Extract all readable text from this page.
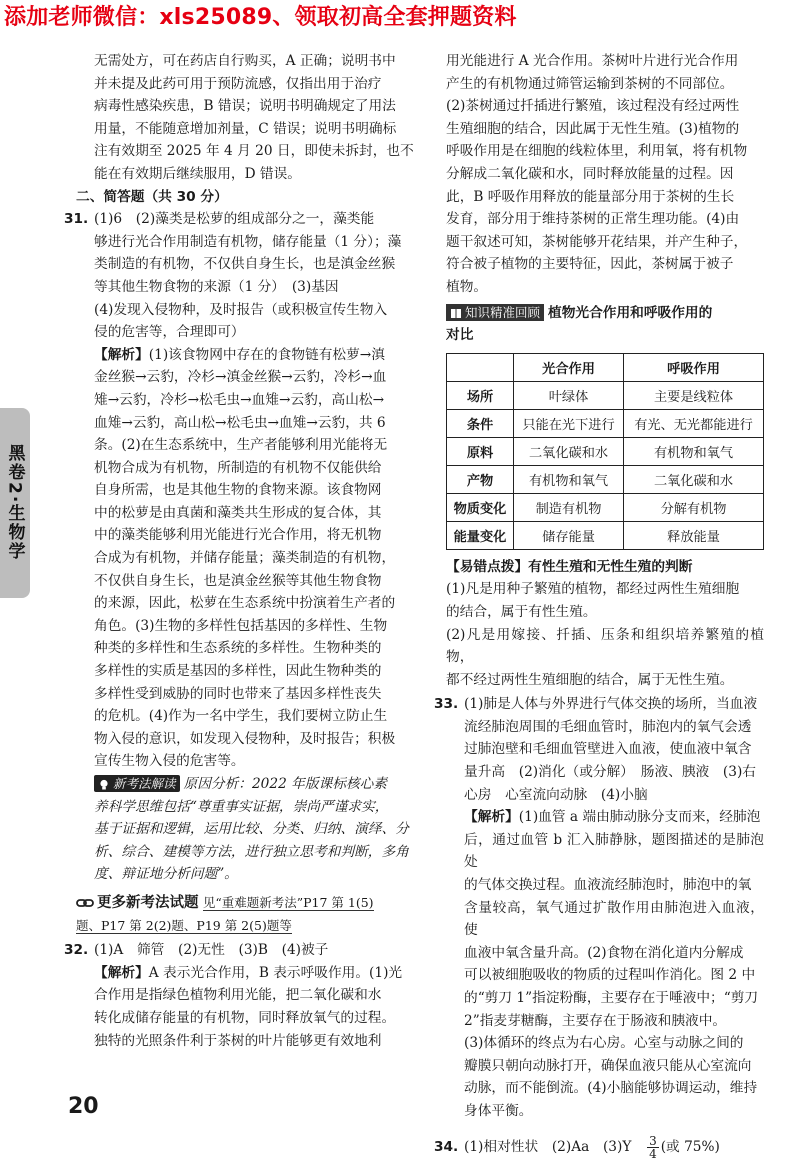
添加老师微信：xls25089、领取初高全套押题资料
黑卷2·生物学

无需处方，可在药店自行购买，A 正确；说明书中

并未提及此药可用于预防流感，仅指出用于治疗

病毒性感染疾患，B 错误；说明书明确规定了用法

用量，不能随意增加剂量，C 错误；说明书明确标

注有效期至 2025 年 4 月 20 日，即使未拆封，也不

能在有效期后继续服用，D 错误。

二、简答题（共 30 分）

31. (1)6　(2)藻类是松萝的组成部分之一，藻类能

够进行光合作用制造有机物，储存能量（1 分）；藻

类制造的有机物，不仅供自身生长，也是滇金丝猴

等其他生物食物的来源（1 分）　(3)基因

(4)发现入侵物种，及时报告（或积极宣传生物入

侵的危害等，合理即可）

【解析】(1)该食物网中存在的食物链有松萝→滇

金丝猴→云豹，冷杉→滇金丝猴→云豹，冷杉→血

雉→云豹，冷杉→松毛虫→血雉→云豹，高山松→

血雉→云豹，高山松→松毛虫→血雉→云豹，共 6

条。(2)在生态系统中，生产者能够利用光能将无

机物合成为有机物，所制造的有机物不仅能供给

自身所需，也是其他生物的食物来源。该食物网

中的松萝是由真菌和藻类共生形成的复合体，其

中的藻类能够利用光能进行光合作用，将无机物

合成为有机物，并储存能量；藻类制造的有机物，

不仅供自身生长，也是滇金丝猴等其他生物食物

的来源，因此，松萝在生态系统中扮演着生产者的

角色。(3)生物的多样性包括基因的多样性、生物

种类的多样性和生态系统的多样性。生物种类的

多样性的实质是基因的多样性，因此生物种类的

多样性受到威胁的同时也带来了基因多样性丧失

的危机。(4)作为一名中学生，我们要树立防止生

物入侵的意识，如发现入侵物种，及时报告；积极

宣传生物入侵的危害等。

新考法解读 原因分析：2022 年版课标核心素

养科学思维包括“尊重事实证据，崇尚严谨求实，

基于证据和逻辑，运用比较、分类、归纳、演绎、分

析、综合、建模等方法，进行独立思考和判断，多角

度、辩证地分析问题”。

更多新考法试题 见“重难题新考法”P17 第 1(5)

题、P17 第 2(2)题、P19 第 2(5)题等

32. (1)A　筛管　(2)无性　(3)B　(4)被子

【解析】A 表示光合作用，B 表示呼吸作用。(1)光

合作用是指绿色植物利用光能，把二氧化碳和水

转化成储存能量的有机物，同时释放氧气的过程。

独特的光照条件利于茶树的叶片能够更有效地利

用光能进行 A 光合作用。茶树叶片进行光合作用

产生的有机物通过筛管运输到茶树的不同部位。

(2)茶树通过扦插进行繁殖，该过程没有经过两性

生殖细胞的结合，因此属于无性生殖。(3)植物的

呼吸作用是在细胞的线粒体里，利用氧，将有机物

分解成二氧化碳和水，同时释放能量的过程。因

此，B 呼吸作用释放的能量部分用于茶树的生长

发育，部分用于维持茶树的正常生理功能。(4)由

题干叙述可知，茶树能够开花结果，并产生种子，

符合被子植物的主要特征，因此，茶树属于被子

植物。

知识精准回顾 植物光合作用和呼吸作用的

对比

	光合作用	呼吸作用
场所	叶绿体	主要是线粒体
条件	只能在光下进行	有光、无光都能进行
原料	二氧化碳和水	有机物和氧气
产物	有机物和氧气	二氧化碳和水
物质变化	制造有机物	分解有机物
能量变化	储存能量	释放能量

【易错点拨】有性生殖和无性生殖的判断

(1)凡是用种子繁殖的植物，都经过两性生殖细胞

的结合，属于有性生殖。

(2)凡是用嫁接、扦插、压条和组织培养繁殖的植物，

都不经过两性生殖细胞的结合，属于无性生殖。

33. (1)肺是人体与外界进行气体交换的场所，当血液

流经肺泡周围的毛细血管时，肺泡内的氧气会透

过肺泡壁和毛细血管壁进入血液，使血液中氧含

量升高　(2)消化（或分解）　肠液、胰液　(3)右

心房　心室流向动脉　(4)小脑

【解析】(1)血管 a 端由肺动脉分支而来，经肺泡

后，通过血管 b 汇入肺静脉，题图描述的是肺泡处

的气体交换过程。血液流经肺泡时，肺泡中的氧

含量较高，氧气通过扩散作用由肺泡进入血液，使

血液中氧含量升高。(2)食物在消化道内分解成

可以被细胞吸收的物质的过程叫作消化。图 2 中

的“剪刀 1”指淀粉酶，主要存在于唾液中；“剪刀

2”指麦芽糖酶，主要存在于肠液和胰液中。

(3)体循环的终点为右心房。心室与动脉之间的

瓣膜只朝向动脉打开，确保血液只能从心室流向

动脉，而不能倒流。(4)小脑能够协调运动，维持

身体平衡。

34. (1)相对性状　(2)Aa　(3)Y　 $\frac{3}{4}$ (或 75%)

20
